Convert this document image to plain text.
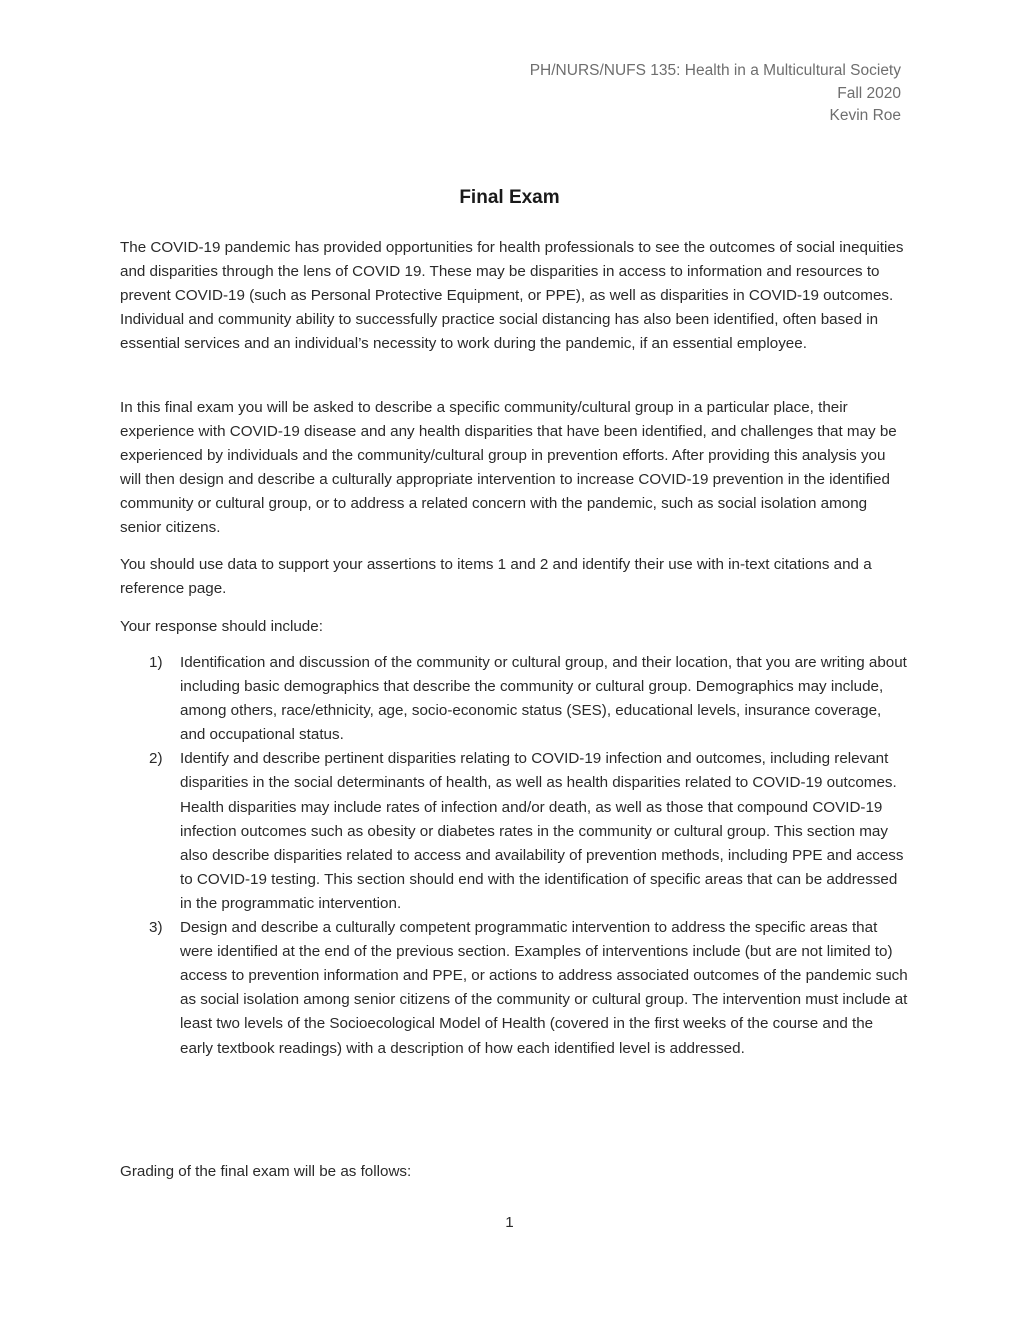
PH/NURS/NUFS 135: Health in a Multicultural Society
Fall 2020
Kevin Roe
Final Exam
The COVID-19 pandemic has provided opportunities for health professionals to see the outcomes of social inequities and disparities through the lens of COVID 19. These may be disparities in access to information and resources to prevent COVID-19 (such as Personal Protective Equipment, or PPE), as well as disparities in COVID-19 outcomes. Individual and community ability to successfully practice social distancing has also been identified, often based in essential services and an individual’s necessity to work during the pandemic, if an essential employee.
In this final exam you will be asked to describe a specific community/cultural group in a particular place, their experience with COVID-19 disease and any health disparities that have been identified, and challenges that may be experienced by individuals and the community/cultural group in prevention efforts. After providing this analysis you will then design and describe a culturally appropriate intervention to increase COVID-19 prevention in the identified community or cultural group, or to address a related concern with the pandemic, such as social isolation among senior citizens.
You should use data to support your assertions to items 1 and 2 and identify their use with in-text citations and a reference page.
Your response should include:
1) Identification and discussion of the community or cultural group, and their location, that you are writing about including basic demographics that describe the community or cultural group. Demographics may include, among others, race/ethnicity, age, socio-economic status (SES), educational levels, insurance coverage, and occupational status.
2) Identify and describe pertinent disparities relating to COVID-19 infection and outcomes, including relevant disparities in the social determinants of health, as well as health disparities related to COVID-19 outcomes. Health disparities may include rates of infection and/or death, as well as those that compound COVID-19 infection outcomes such as obesity or diabetes rates in the community or cultural group. This section may also describe disparities related to access and availability of prevention methods, including PPE and access to COVID-19 testing. This section should end with the identification of specific areas that can be addressed in the programmatic intervention.
3) Design and describe a culturally competent programmatic intervention to address the specific areas that were identified at the end of the previous section. Examples of interventions include (but are not limited to) access to prevention information and PPE, or actions to address associated outcomes of the pandemic such as social isolation among senior citizens of the community or cultural group. The intervention must include at least two levels of the Socioecological Model of Health (covered in the first weeks of the course and the early textbook readings) with a description of how each identified level is addressed.
Grading of the final exam will be as follows:
1
